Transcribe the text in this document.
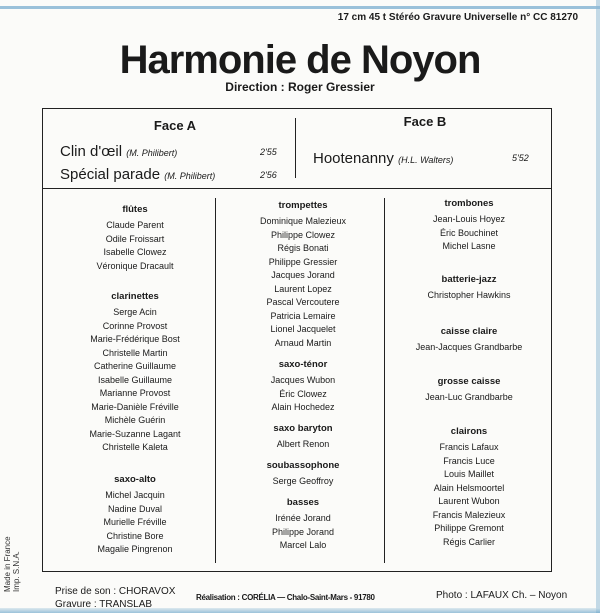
17 cm 45 t Stéréo Gravure Universelle n° CC 81270
Harmonie de Noyon
Direction : Roger Gressier
Face A
Clin d'œil (M. Philibert)	2'55
Spécial parade (M. Philibert)	2'56
Face B
Hootenanny (H.L. Walters)	5'52
flûtes
Claude Parent
Odile Froissart
Isabelle Clowez
Véronique Dracault
clarinettes
Serge Acin
Corinne Provost
Marie-Frédérique Bost
Christelle Martin
Catherine Guillaume
Isabelle Guillaume
Marianne Provost
Marie-Danièle Fréville
Michèle Guérin
Marie-Suzanne Lagant
Christelle Kaleta
saxo-alto
Michel Jacquin
Nadine Duval
Murielle Fréville
Christine Bore
Magalie Pingrenon
trompettes
Dominique Malezieux
Philippe Clowez
Régis Bonati
Philippe Gressier
Jacques Jorand
Laurent Lopez
Pascal Vercoutere
Patricia Lemaire
Lionel Jacquelet
Arnaud Martin
saxo-ténor
Jacques Wubon
Éric Clowez
Alain Hochedez
saxo baryton
Albert Renon
soubassophone
Serge Geoffroy
basses
Irénée Jorand
Philippe Jorand
Marcel Lalo
trombones
Jean-Louis Hoyez
Éric Bouchinet
Michel Lasne
batterie-jazz
Christopher Hawkins
caisse claire
Jean-Jacques Grandbarbe
grosse caisse
Jean-Luc Grandbarbe
clairons
Francis Lafaux
Francis Luce
Louis Maillet
Alain Helsmoortel
Laurent Wubon
Francis Malezieux
Philippe Gremont
Régis Carlier
Prise de son : CHORAVOX
Gravure : TRANSLAB
Réalisation : CORÉLIA — Chalo-Saint-Mars - 91780	Photo : LAFAUX Ch. – Noyon
Made in France Imp. S.N.A.
